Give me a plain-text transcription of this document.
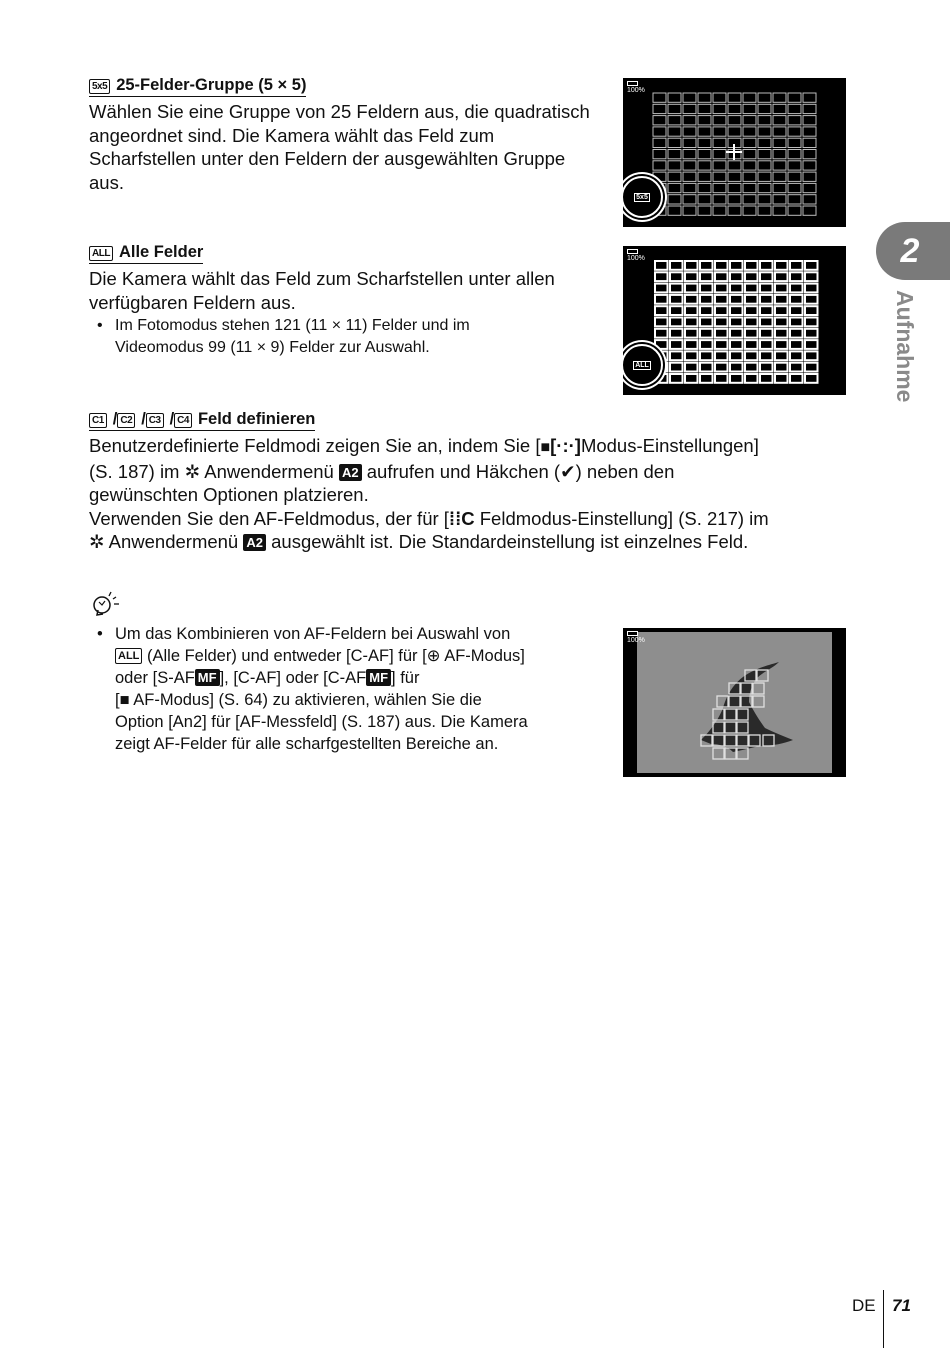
5x5 25-Felder-Gruppe (5 × 5)
Wählen Sie eine Gruppe von 25 Feldern aus, die quadratisch angeordnet sind. Die Kamera wählt das Feld zum Scharfstellen unter den Feldern der ausgewählten Gruppe aus.
100%
5x5
ALL Alle Felder
Die Kamera wählt das Feld zum Scharfstellen unter allen verfügbaren Feldern aus.
• Im Fotomodus stehen 121 (11 × 11) Felder und im Videomodus 99 (11 × 9) Felder zur Auswahl.
100%
ALL
C1 / C2 / C3 / C4 Feld definieren
Benutzerdefinierte Feldmodi zeigen Sie an, indem Sie [■[·:·]Modus-Einstellungen]
(S. 187) im ✲ Anwendermenü A2 aufrufen und Häkchen (✔) neben den
gewünschten Optionen platzieren.
Verwenden Sie den AF-Feldmodus, der für [⁞⁞C Feldmodus-Einstellung] (S. 217) im
✲ Anwendermenü A2 ausgewählt ist. Die Standardeinstellung ist einzelnes Feld.
• Um das Kombinieren von AF-Feldern bei Auswahl von
ALL (Alle Felder) und entweder [C-AF] für [⊕ AF-Modus]
oder [S-AF MF ], [C-AF] oder [C-AF MF ] für
[■ AF-Modus] (S. 64) zu aktivieren, wählen Sie die
Option [An2] für [AF-Messfeld] (S. 187) aus. Die Kamera
zeigt AF-Felder für alle scharfgestellten Bereiche an.
100%
2
Aufnahme
DE 71
